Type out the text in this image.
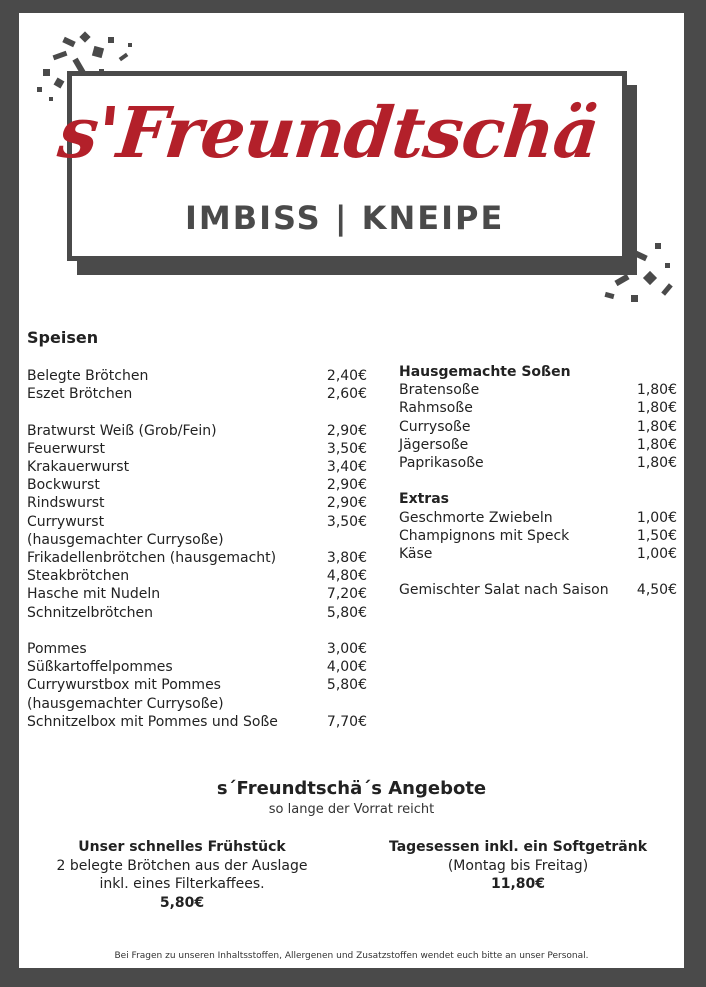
s'Freundtschä
IMBISS | KNEIPE
Speisen
Belegte Brötchen	2,40€
Eszet Brötchen	2,60€
Bratwurst Weiß (Grob/Fein)	2,90€
Feuerwurst	3,50€
Krakauerwurst	3,40€
Bockwurst	2,90€
Rindswurst	2,90€
Currywurst	3,50€
(hausgemachter Currysoße)
Frikadellenbrötchen (hausgemacht)	3,80€
Steakbrötchen	4,80€
Hasche mit Nudeln	7,20€
Schnitzelbrötchen	5,80€
Pommes	3,00€
Süßkartoffelpommes	4,00€
Currywurstbox mit Pommes	5,80€
(hausgemachter Currysoße)
Schnitzelbox mit Pommes und Soße	7,70€
Hausgemachte Soßen
Bratensoße	1,80€
Rahmsoße	1,80€
Currysoße	1,80€
Jägersoße	1,80€
Paprikasoße	1,80€
Extras
Geschmorte Zwiebeln	1,00€
Champignons mit Speck	1,50€
Käse	1,00€
Gemischter Salat nach Saison 4,50€
s´Freundtschä´s Angebote
so lange der Vorrat reicht
Unser schnelles Frühstück
2 belegte Brötchen aus der Auslage
inkl. eines Filterkaffees.
5,80€
Tagesessen inkl. ein Softgetränk
(Montag bis Freitag)
11,80€
Bei Fragen zu unseren Inhaltsstoffen, Allergenen und Zusatzstoffen wendet euch bitte an unser Personal.
